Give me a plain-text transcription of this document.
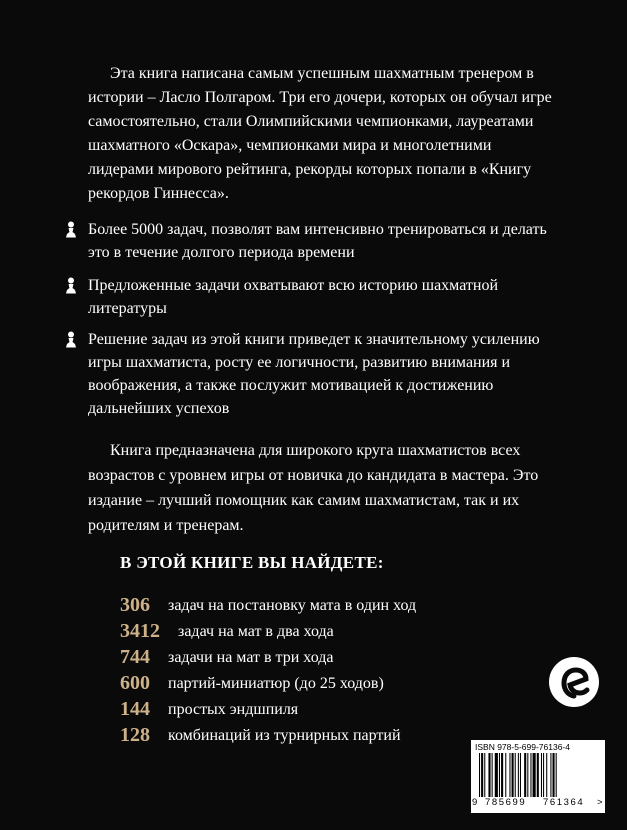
Эта книга написана самым успешным шахматным тренером в истории – Ласло Полгаром. Три его дочери, которых он обучал игре самостоятельно, стали Олимпийскими чемпионками, лауреатами шахматного «Оскара», чемпионками мира и многолетними лидерами мирового рейтинга, рекорды которых попали в «Книгу рекордов Гиннесса».

Более 5000 задач, позволят вам интенсивно тренироваться и делать это в течение долгого периода времени

Предложенные задачи охватывают всю историю шахматной литературы

Решение задач из этой книги приведет к значительному усилению игры шахматиста, росту ее логичности, развитию внимания и воображения, а также послужит мотивацией к достижению дальнейших успехов

Книга предназначена для широкого круга шахматистов всех возрастов с уровнем игры от новичка до кандидата в мастера. Это издание – лучший помощник как самим шахматистам, так и их родителям и тренерам.

В ЭТОЙ КНИГЕ ВЫ НАЙДЕТЕ:
306 задач на постановку мата в один ход
3412 задач на мат в два хода
744 задачи на мат в три хода
600 партий-миниатюр (до 25 ходов)
144 простых эндшпиля
128 комбинаций из турнирных партий
ISBN 978-5-699-76136-4
9 785699 761364 >
